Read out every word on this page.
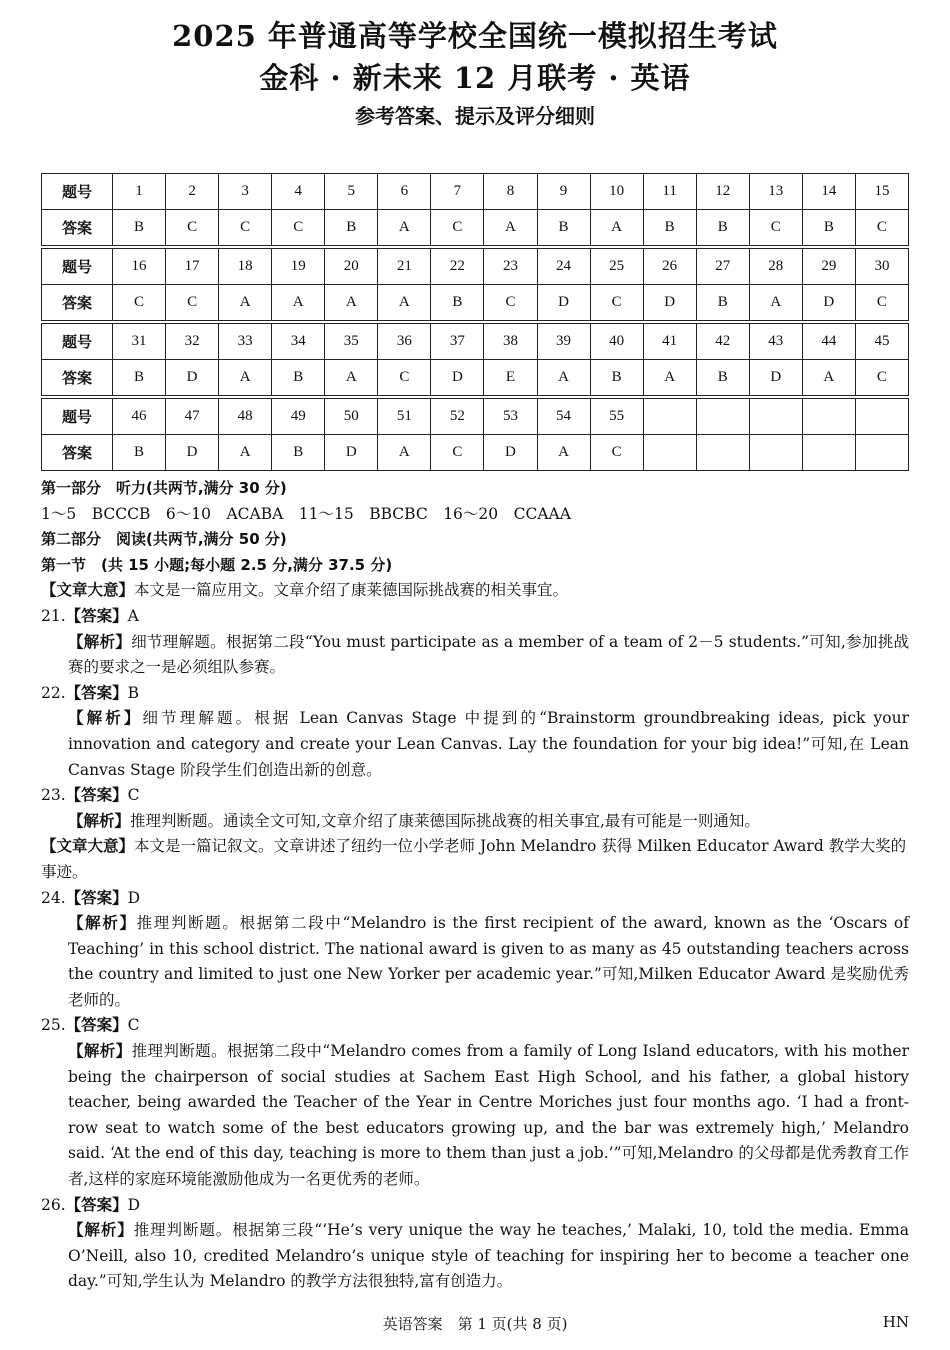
2025 年普通高等学校全国统一模拟招生考试
金科 · 新未来 12 月联考 · 英语
参考答案、提示及评分细则
题号	1	2	3	4	5	6	7	8	9	10	11	12	13	14	15
答案	B	C	C	C	B	A	C	A	B	A	B	B	C	B	C
题号	16	17	18	19	20	21	22	23	24	25	26	27	28	29	30
答案	C	C	A	A	A	A	B	C	D	C	D	B	A	D	C
题号	31	32	33	34	35	36	37	38	39	40	41	42	43	44	45
答案	B	D	A	B	A	C	D	E	A	B	A	B	D	A	C
题号	46	47	48	49	50	51	52	53	54	55					
答案	B	D	A	B	D	A	C	D	A	C					

第一部分　听力(共两节,满分 30 分)

1～5　BCCCB　6～10　ACABA　11～15　BBCBC　16～20　CCAAA

第二部分　阅读(共两节,满分 50 分)

第一节　(共 15 小题;每小题 2.5 分,满分 37.5 分)

【文章大意】本文是一篇应用文。文章介绍了康莱德国际挑战赛的相关事宜。

21.【答案】A

【解析】细节理解题。根据第二段“You must participate as a member of a team of 2－5 students.”可知,参加挑战赛的要求之一是必须组队参赛。

22.【答案】B

【解析】细节理解题。根据 Lean Canvas Stage 中提到的“Brainstorm groundbreaking ideas, pick your innovation and category and create your Lean Canvas. Lay the foundation for your big idea!”可知,在 Lean Canvas Stage 阶段学生们创造出新的创意。

23.【答案】C

【解析】推理判断题。通读全文可知,文章介绍了康莱德国际挑战赛的相关事宜,最有可能是一则通知。

【文章大意】本文是一篇记叙文。文章讲述了纽约一位小学老师 John Melandro 获得 Milken Educator Award 教学大奖的事迹。

24.【答案】D

【解析】推理判断题。根据第二段中“Melandro is the first recipient of the award, known as the ‘Oscars of Teaching’ in this school district. The national award is given to as many as 45 outstanding teachers across the country and limited to just one New Yorker per academic year.”可知,Milken Educator Award 是奖励优秀老师的。

25.【答案】C

【解析】推理判断题。根据第二段中“Melandro comes from a family of Long Island educators, with his mother being the chairperson of social studies at Sachem East High School, and his father, a global history teacher, being awarded the Teacher of the Year in Centre Moriches just four months ago. ‘I had a front-row seat to watch some of the best educators growing up, and the bar was extremely high,’ Melandro said. ‘At the end of this day, teaching is more to them than just a job.’”可知,Melandro 的父母都是优秀教育工作者,这样的家庭环境能激励他成为一名更优秀的老师。

26.【答案】D

【解析】推理判断题。根据第三段“‘He’s very unique the way he teaches,’ Malaki, 10, told the media. Emma O’Neill, also 10, credited Melandro’s unique style of teaching for inspiring her to become a teacher one day.”可知,学生认为 Melandro 的教学方法很独特,富有创造力。

英语答案　第 1 页(共 8 页)	HN
